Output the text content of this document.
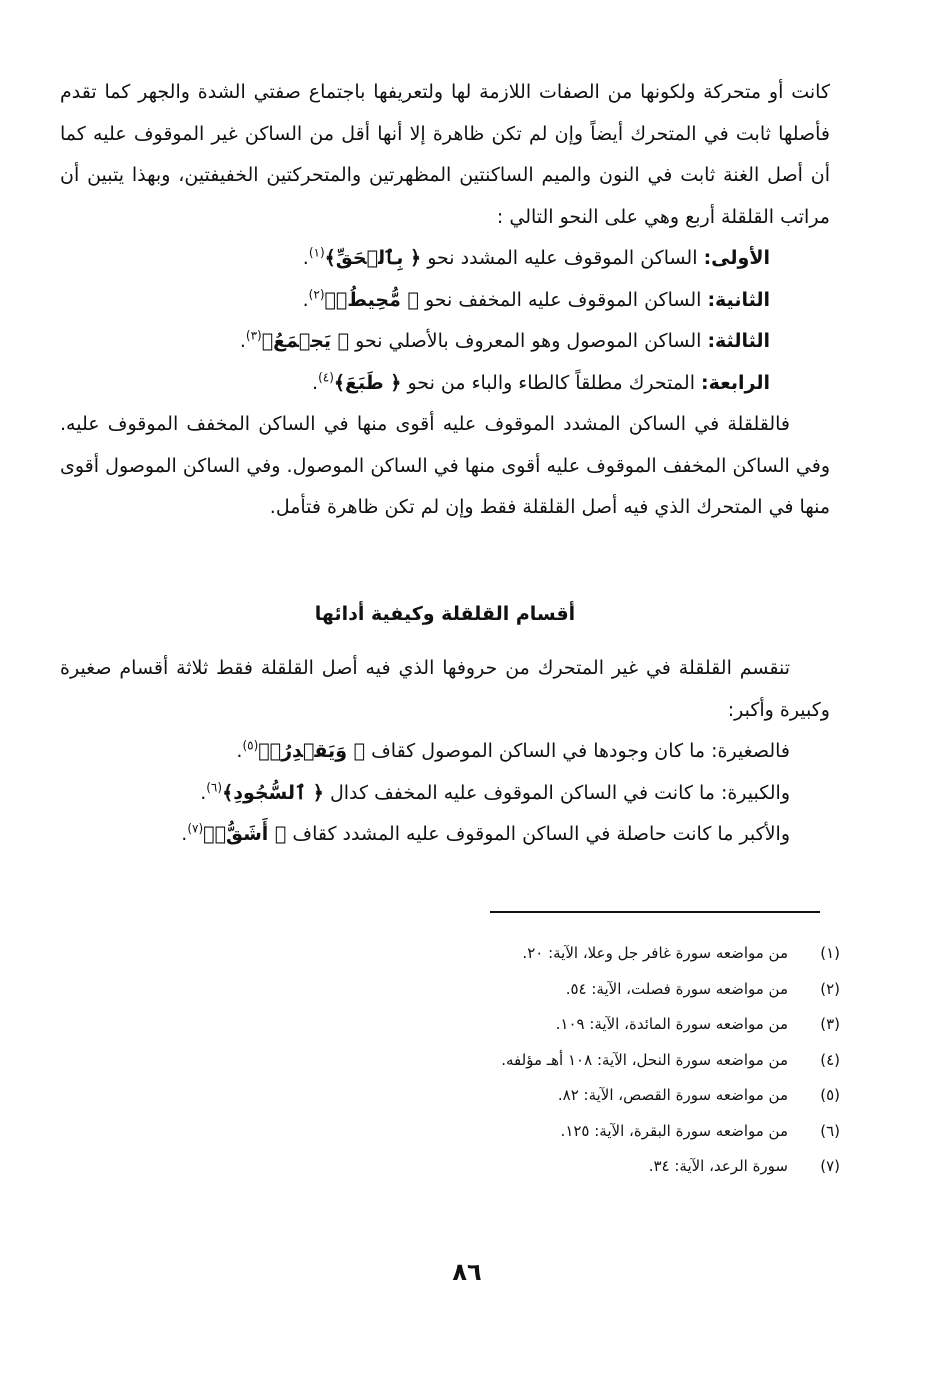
كانت أو متحركة ولكونها من الصفات اللازمة لها ولتعريفها باجتماع صفتي الشدة والجهر كما تقدم فأصلها ثابت في المتحرك أيضاً وإن لم تكن ظاهرة إلا أنها أقل من الساكن غير الموقوف عليه كما أن أصل الغنة ثابت في النون والميم الساكنتين المظهرتين والمتحركتين الخفيفتين، وبهذا يتبين أن مراتب القلقلة أربع وهي على النحو التالي :

الأولى: الساكن الموقوف عليه المشدد نحو ﴿ بِٱلۡحَقِّ﴾$^{(١)}$.

الثانية: الساكن الموقوف عليه المخفف نحو ﴿ مُّحِيطُۢ﴾$^{(٢)}$.

الثالثة: الساكن الموصول وهو المعروف بالأصلي نحو ﴿ يَجۡمَعُ﴾$^{(٣)}$.

الرابعة: المتحرك مطلقاً كالطاء والباء من نحو ﴿ طَبَعَ﴾$^{(٤)}$.

فالقلقلة في الساكن المشدد الموقوف عليه أقوى منها في الساكن المخفف الموقوف عليه. وفي الساكن المخفف الموقوف عليه أقوى منها في الساكن الموصول. وفي الساكن الموصول أقوى منها في المتحرك الذي فيه أصل القلقلة فقط وإن لم تكن ظاهرة فتأمل.

أقسام القلقلة وكيفية أدائها

تنقسم القلقلة في غير المتحرك من حروفها الذي فيه أصل القلقلة فقط ثلاثة أقسام صغيرة وكبيرة وأكبر:

فالصغيرة: ما كان وجودها في الساكن الموصول كقاف ﴿ وَيَقۡدِرُۚ﴾$^{(٥)}$.

والكبيرة: ما كانت في الساكن الموقوف عليه المخفف كدال ﴿ ٱلسُّجُودِ﴾$^{(٦)}$.

والأكبر ما كانت حاصلة في الساكن الموقوف عليه المشدد كقاف ﴿ أَشَقُّۖ﴾$^{(٧)}$.

(١)
من مواضعه سورة غافر جل وعلا، الآية: ٢٠.
(٢)
من مواضعه سورة فصلت، الآية: ٥٤.
(٣)
من مواضعه سورة المائدة، الآية: ١٠٩.
(٤)
من مواضعه سورة النحل، الآية: ١٠٨ أهـ مؤلفه.
(٥)
من مواضعه سورة القصص، الآية: ٨٢.
(٦)
من مواضعه سورة البقرة، الآية: ١٢٥.
(٧)
سورة الرعد، الآية: ٣٤.
٨٦
